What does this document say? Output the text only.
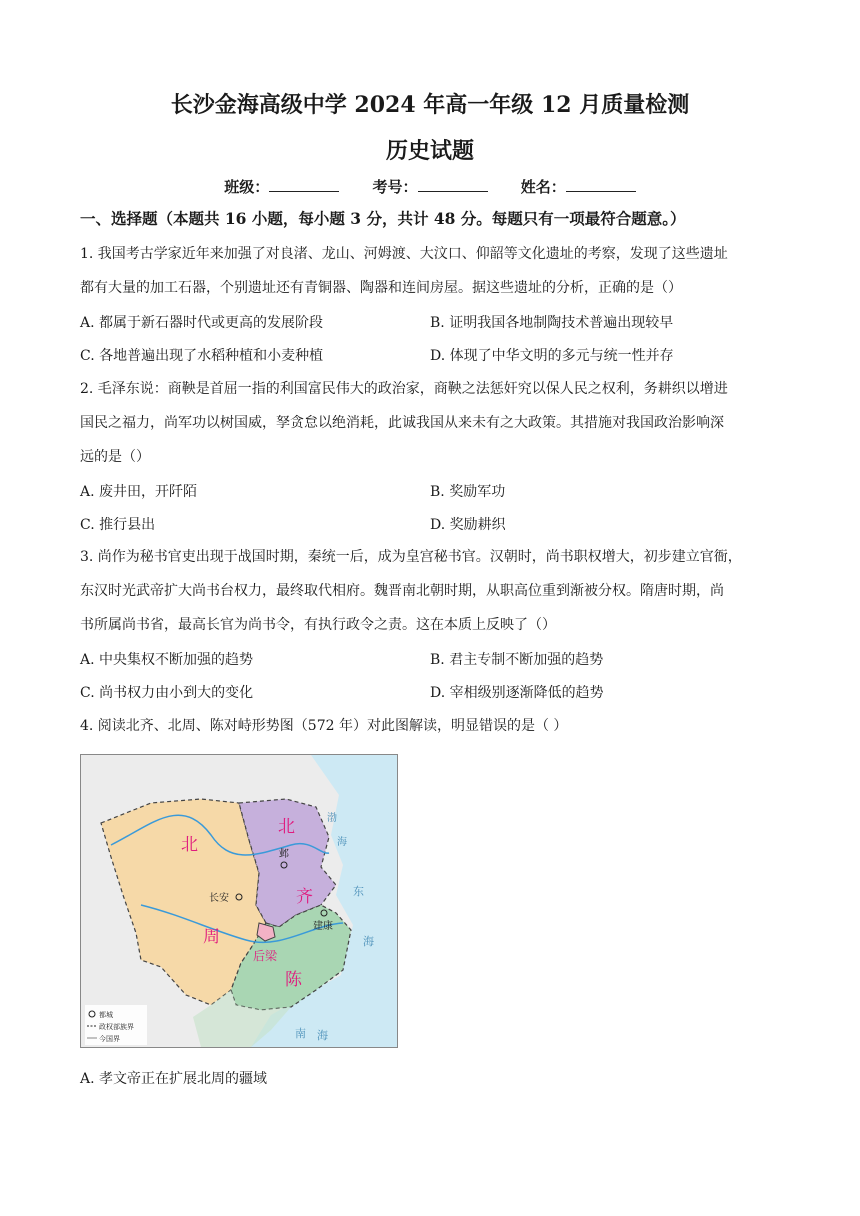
长沙金海高级中学 2024 年高一年级 12 月质量检测
历史试题
班级：	考号：	姓名：
一、选择题（本题共 16 小题，每小题 3 分，共计 48 分。每题只有一项最符合题意。）
1. 我国考古学家近年来加强了对良渚、龙山、河姆渡、大汶口、仰韶等文化遗址的考察，发现了这些遗址
都有大量的加工石器，个别遗址还有青铜器、陶器和连间房屋。据这些遗址的分析，正确的是（）
A. 都属于新石器时代或更高的发展阶段	B. 证明我国各地制陶技术普遍出现较早
C. 各地普遍出现了水稻种植和小麦种植	D. 体现了中华文明的多元与统一性并存
2. 毛泽东说：商鞅是首屈一指的利国富民伟大的政治家，商鞅之法惩奸究以保人民之权利，务耕织以增进
国民之福力，尚军功以树国威，孥贪怠以绝消耗，此诚我国从来未有之大政策。其措施对我国政治影响深
远的是（）
A. 废井田，开阡陌	B. 奖励军功
C. 推行县出	D. 奖励耕织
3. 尚作为秘书官吏出现于战国时期，秦统一后，成为皇宫秘书官。汉朝时，尚书职权增大，初步建立官衙，
东汉时光武帝扩大尚书台权力，最终取代相府。魏晋南北朝时期，从职高位重到渐被分权。隋唐时期，尚
书所属尚书省，最高长官为尚书令，有执行政令之责。这在本质上反映了（）
A. 中央集权不断加强的趋势	B. 君主专制不断加强的趋势
C. 尚书权力由小到大的变化	D. 宰相级别逐渐降低的趋势
4. 阅读北齐、北周、陈对峙形势图（572 年）对此图解读，明显错误的是（ ）
北
周
北
齐
陈
后梁
邺
长安
建康
渤
海
东
海
南 海
都城
政权部族界
今国界
A. 孝文帝正在扩展北周的疆域
